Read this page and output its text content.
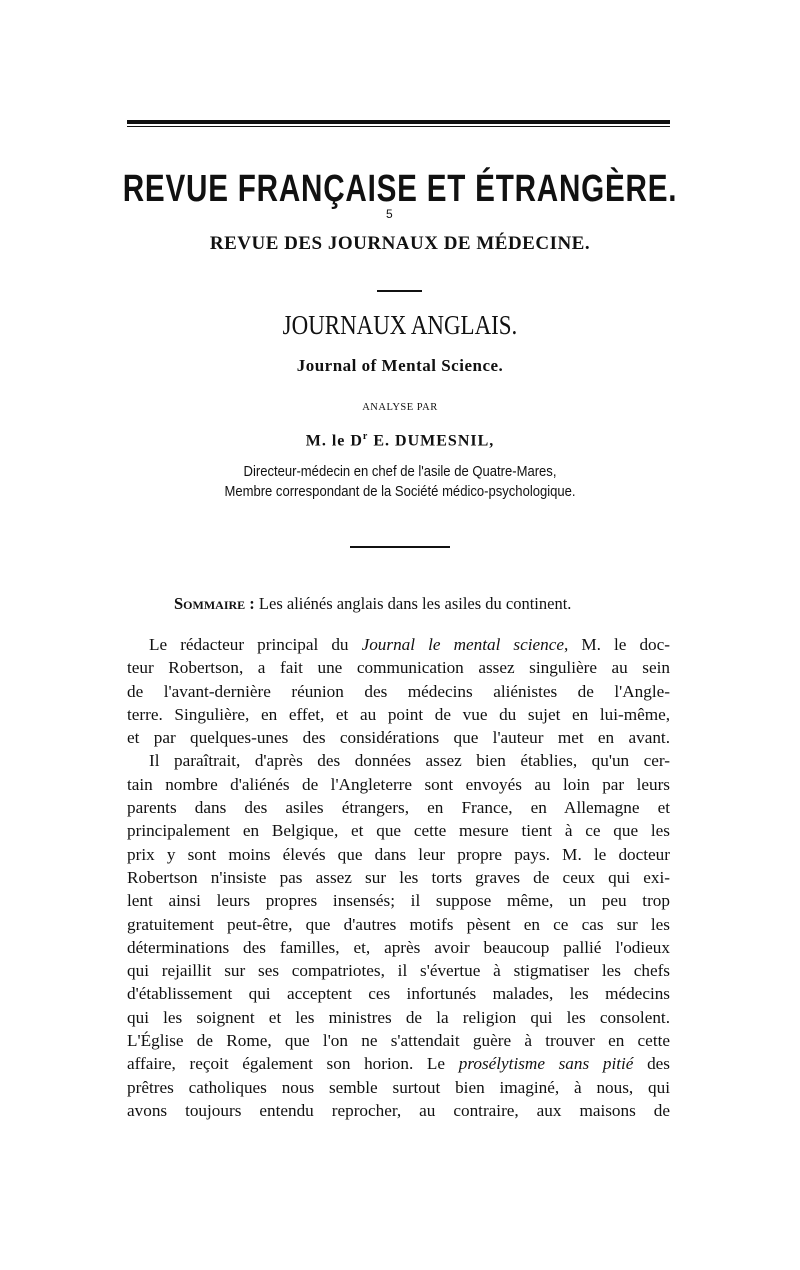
REVUE FRANÇAISE ET ÉTRANGÈRE.
5
REVUE DES JOURNAUX DE MÉDECINE.
JOURNAUX ANGLAIS.
Journal of Mental Science.
ANALYSE PAR
M. le $D^r$ E. DUMESNIL,
Directeur-médecin en chef de l'asile de Quatre-Mares,
Membre correspondant de la Société médico-psychologique.
Sommaire : Les aliénés anglais dans les asiles du continent.
Le rédacteur principal du Journal le mental science, M. le doc-
teur Robertson, a fait une communication assez singulière au sein
de l'avant-dernière réunion des médecins aliénistes de l'Angle-
terre. Singulière, en effet, et au point de vue du sujet en lui-même,
et par quelques-unes des considérations que l'auteur met en avant.
Il paraîtrait, d'après des données assez bien établies, qu'un cer-
tain nombre d'aliénés de l'Angleterre sont envoyés au loin par leurs
parents dans des asiles étrangers, en France, en Allemagne et
principalement en Belgique, et que cette mesure tient à ce que les
prix y sont moins élevés que dans leur propre pays. M. le docteur
Robertson n'insiste pas assez sur les torts graves de ceux qui exi-
lent ainsi leurs propres insensés; il suppose même, un peu trop
gratuitement peut-être, que d'autres motifs pèsent en ce cas sur les
déterminations des familles, et, après avoir beaucoup pallié l'odieux
qui rejaillit sur ses compatriotes, il s'évertue à stigmatiser les chefs
d'établissement qui acceptent ces infortunés malades, les médecins
qui les soignent et les ministres de la religion qui les consolent.
L'Église de Rome, que l'on ne s'attendait guère à trouver en cette
affaire, reçoit également son horion. Le prosélytisme sans pitié des
prêtres catholiques nous semble surtout bien imaginé, à nous, qui
avons toujours entendu reprocher, au contraire, aux maisons de
